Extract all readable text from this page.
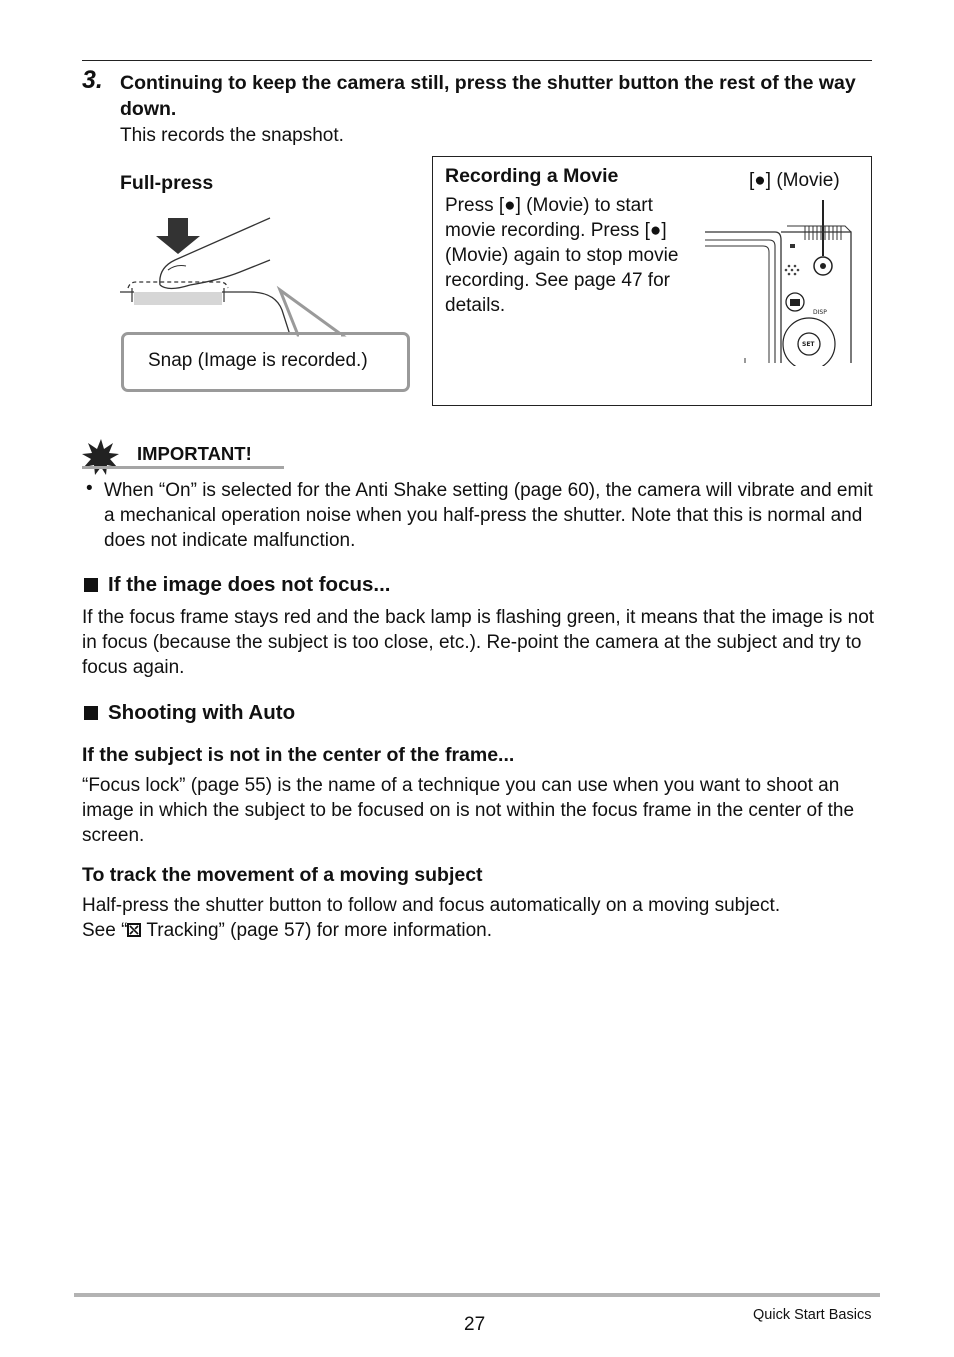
3. Continuing to keep the camera still, press the shutter button the rest of the way down.
This records the snapshot.
Full-press
Snap (Image is recorded.)
Recording a Movie
Press [●] (Movie) to start movie recording. Press [●] (Movie) again to stop movie recording. See page 47 for details.
[●] (Movie)
DISP
SET
IMPORTANT!
• When “On” is selected for the Anti Shake setting (page 60), the camera will vibrate and emit a mechanical operation noise when you half-press the shutter. Note that this is normal and does not indicate malfunction.
If the image does not focus...
If the focus frame stays red and the back lamp is flashing green, it means that the image is not in focus (because the subject is too close, etc.). Re-point the camera at the subject and try to focus again.
Shooting with Auto
If the subject is not in the center of the frame...
“Focus lock” (page 55) is the name of a technique you can use when you want to shoot an image in which the subject to be focused on is not within the focus frame in the center of the screen.
To track the movement of a moving subject
Half-press the shutter button to follow and focus automatically on a moving subject.
See “
Tracking” (page 57) for more information.
27	Quick Start Basics
